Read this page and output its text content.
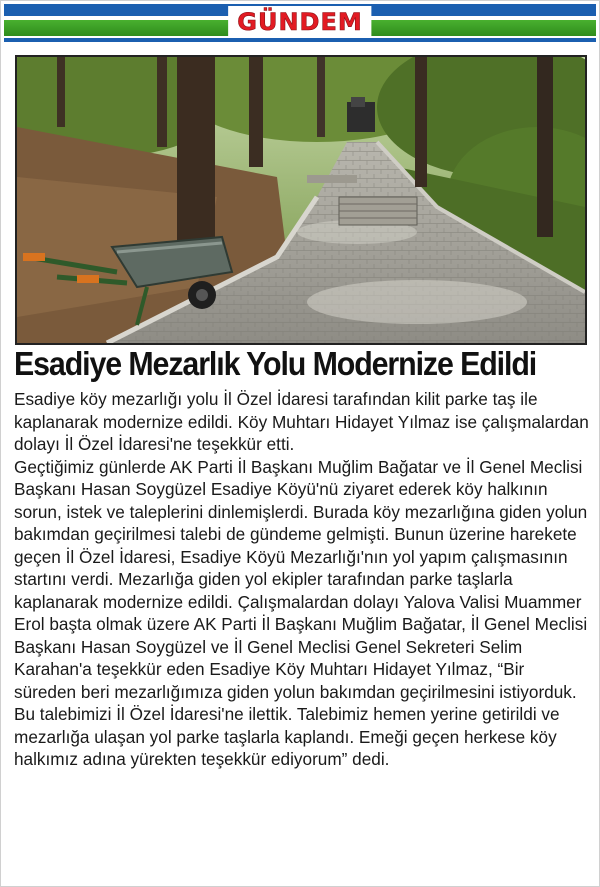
GÜNDEM
Esadiye Mezarlık Yolu Modernize Edildi

Esadiye köy mezarlığı yolu İl Özel İdaresi tarafından kilit parke taş ile kaplanarak modernize edildi. Köy Muhtarı Hidayet Yılmaz ise çalışmalardan dolayı İl Özel İdaresi'ne teşekkür etti.

Geçtiğimiz günlerde AK Parti İl Başkanı Muğlim Bağatar ve İl Genel Meclisi Başkanı Hasan Soygüzel Esadiye Köyü'nü ziyaret ederek köy halkının sorun, istek ve taleplerini dinlemişlerdi. Burada köy mezarlığına giden yolun bakımdan geçirilmesi talebi de gündeme gelmişti. Bunun üzerine harekete geçen İl Özel İdaresi, Esadiye Köyü Mezarlığı'nın yol yapım çalışmasının startını verdi. Mezarlığa giden yol ekipler tarafından parke taşlarla kaplanarak modernize edildi. Çalışmalardan dolayı Yalova Valisi Muammer Erol başta olmak üzere AK Parti İl Başkanı Muğlim Bağatar, İl Genel Meclisi Başkanı Hasan Soygüzel ve İl Genel Meclisi Genel Sekreteri Selim Karahan'a teşekkür eden Esadiye Köy Muhtarı Hidayet Yılmaz, “Bir süreden beri mezarlığımıza giden yolun bakımdan geçirilmesini istiyorduk. Bu talebimizi İl Özel İdaresi'ne ilettik. Talebimiz hemen yerine getirildi ve mezarlığa ulaşan yol parke taşlarla kaplandı. Emeği geçen herkese köy halkımız adına yürekten teşekkür ediyorum” dedi.
